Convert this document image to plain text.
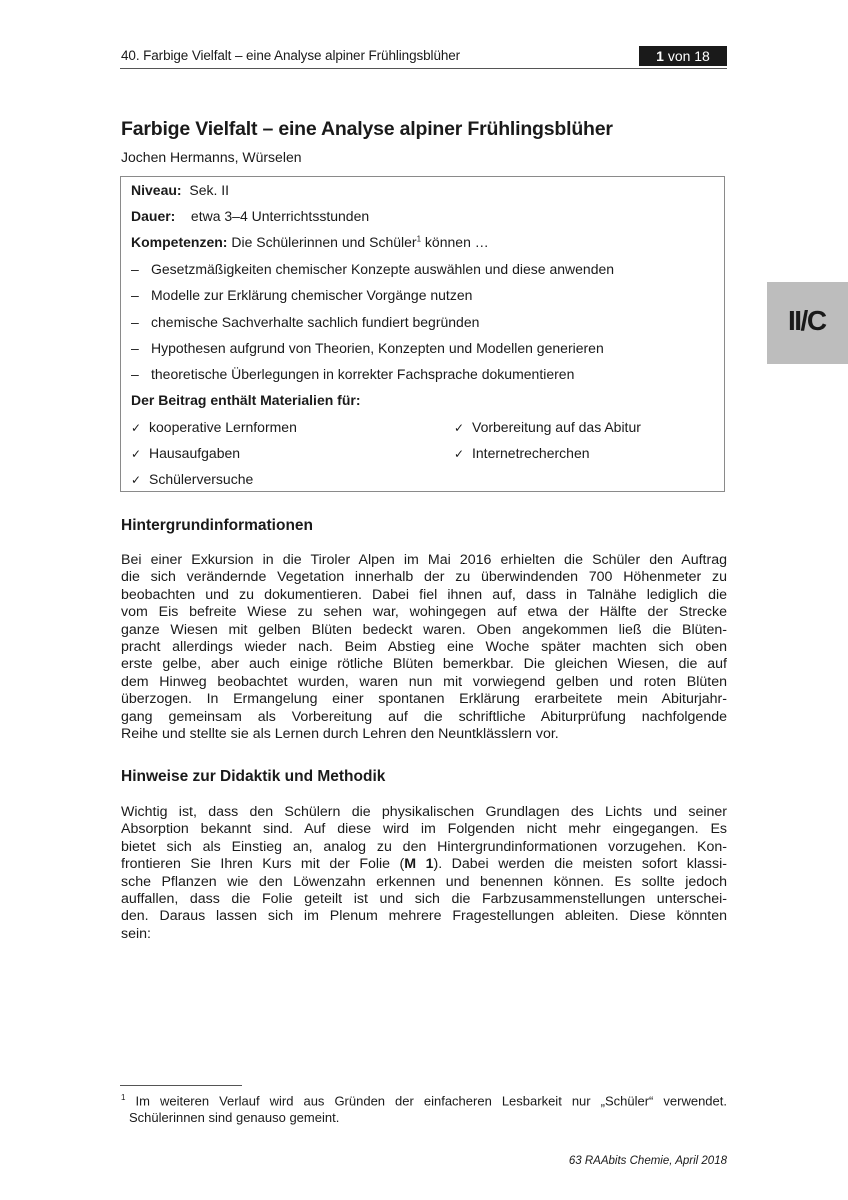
40. Farbige Vielfalt – eine Analyse alpiner Frühlingsblüher	1 von 18
II/C
Farbige Vielfalt – eine Analyse alpiner Frühlingsblüher
Jochen Hermanns, Würselen
Niveau: Sek. II
Dauer: etwa 3–4 Unterrichtsstunden
Kompetenzen: Die Schülerinnen und Schüler$^1$ können …
– Gesetzmäßigkeiten chemischer Konzepte auswählen und diese anwenden
– Modelle zur Erklärung chemischer Vorgänge nutzen
– chemische Sachverhalte sachlich fundiert begründen
– Hypothesen aufgrund von Theorien, Konzepten und Modellen generieren
– theoretische Überlegungen in korrekter Fachsprache dokumentieren
Der Beitrag enthält Materialien für:
✓ kooperative Lernformen
✓ Hausaufgaben
✓ Schülerversuche
✓ Vorbereitung auf das Abitur
✓ Internetrecherchen
Hintergrundinformationen
Bei einer Exkursion in die Tiroler Alpen im Mai 2016 erhielten die Schüler den Auftrag
die sich verändernde Vegetation innerhalb der zu überwindenden 700 Höhenmeter zu
beobachten und zu dokumentieren. Dabei fiel ihnen auf, dass in Talnähe lediglich die
vom Eis befreite Wiese zu sehen war, wohingegen auf etwa der Hälfte der Strecke
ganze Wiesen mit gelben Blüten bedeckt waren. Oben angekommen ließ die Blüten-
pracht allerdings wieder nach. Beim Abstieg eine Woche später machten sich oben
erste gelbe, aber auch einige rötliche Blüten bemerkbar. Die gleichen Wiesen, die auf
dem Hinweg beobachtet wurden, waren nun mit vorwiegend gelben und roten Blüten
überzogen. In Ermangelung einer spontanen Erklärung erarbeitete mein Abiturjahr-
gang gemeinsam als Vorbereitung auf die schriftliche Abiturprüfung nachfolgende
Reihe und stellte sie als Lernen durch Lehren den Neuntklässlern vor.
Hinweise zur Didaktik und Methodik
Wichtig ist, dass den Schülern die physikalischen Grundlagen des Lichts und seiner
Absorption bekannt sind. Auf diese wird im Folgenden nicht mehr eingegangen. Es
bietet sich als Einstieg an, analog zu den Hintergrundinformationen vorzugehen. Kon-
frontieren Sie Ihren Kurs mit der Folie (M 1). Dabei werden die meisten sofort klassi-
sche Pflanzen wie den Löwenzahn erkennen und benennen können. Es sollte jedoch
auffallen, dass die Folie geteilt ist und sich die Farbzusammenstellungen unterschei-
den. Daraus lassen sich im Plenum mehrere Fragestellungen ableiten. Diese könnten
sein:
$^1$ Im weiteren Verlauf wird aus Gründen der einfacheren Lesbarkeit nur „Schüler“ verwendet.
Schülerinnen sind genauso gemeint.
63 RAAbits Chemie, April 2018
